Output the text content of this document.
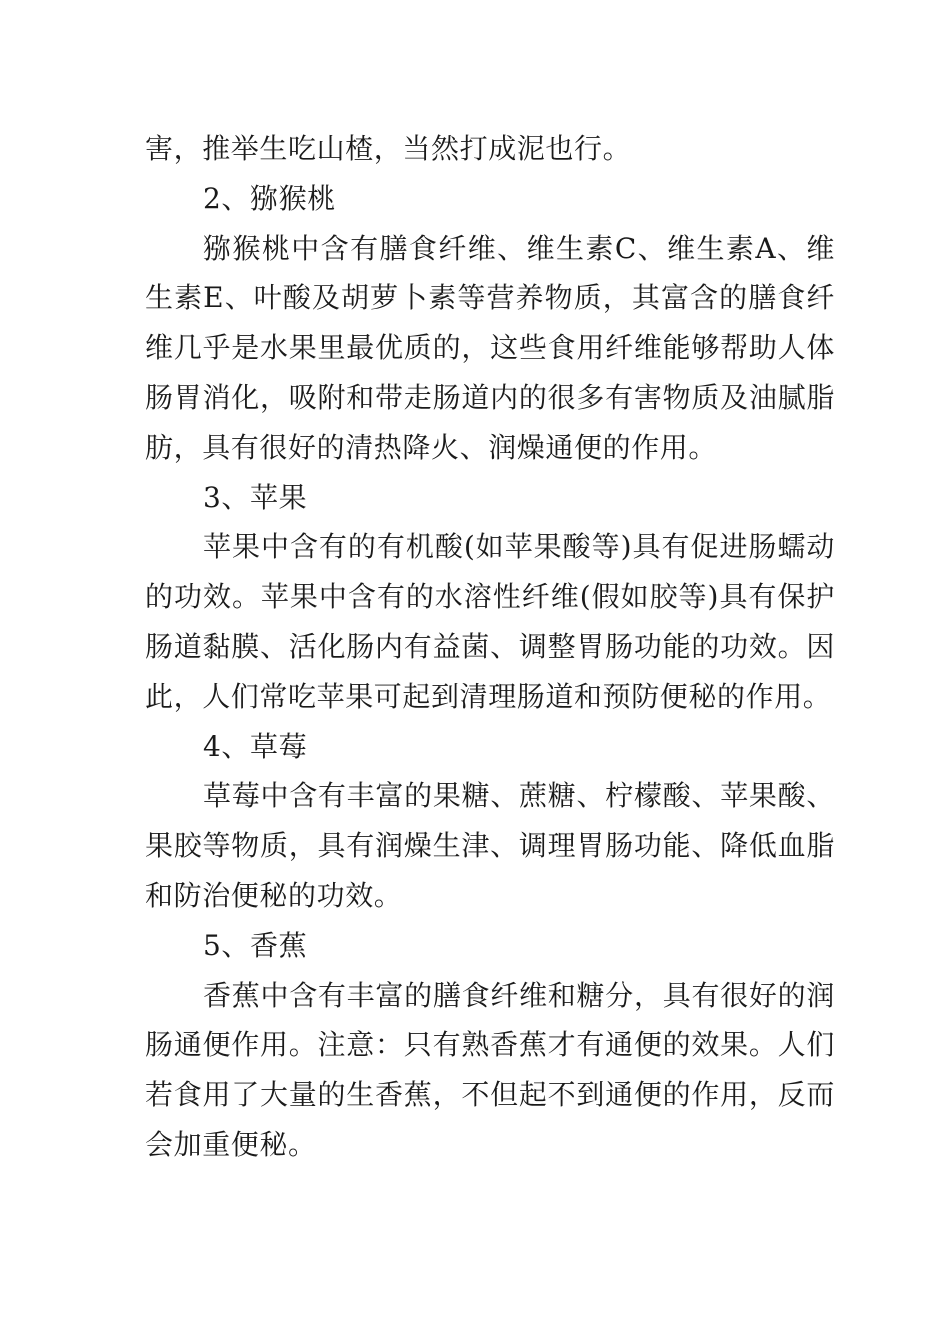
害，推举生吃山楂，当然打成泥也行。

2、猕猴桃

猕猴桃中含有膳食纤维、维生素C、维生素A、维生素E、叶酸及胡萝卜素等营养物质，其富含的膳食纤维几乎是水果里最优质的，这些食用纤维能够帮助人体肠胃消化，吸附和带走肠道内的很多有害物质及油腻脂肪，具有很好的清热降火、润燥通便的作用。

3、苹果

苹果中含有的有机酸(如苹果酸等)具有促进肠蠕动的功效。苹果中含有的水溶性纤维(假如胶等)具有保护肠道黏膜、活化肠内有益菌、调整胃肠功能的功效。因此，人们常吃苹果可起到清理肠道和预防便秘的作用。

4、草莓

草莓中含有丰富的果糖、蔗糖、柠檬酸、苹果酸、果胶等物质，具有润燥生津、调理胃肠功能、降低血脂和防治便秘的功效。

5、香蕉

香蕉中含有丰富的膳食纤维和糖分，具有很好的润肠通便作用。注意：只有熟香蕉才有通便的效果。人们若食用了大量的生香蕉，不但起不到通便的作用，反而会加重便秘。
